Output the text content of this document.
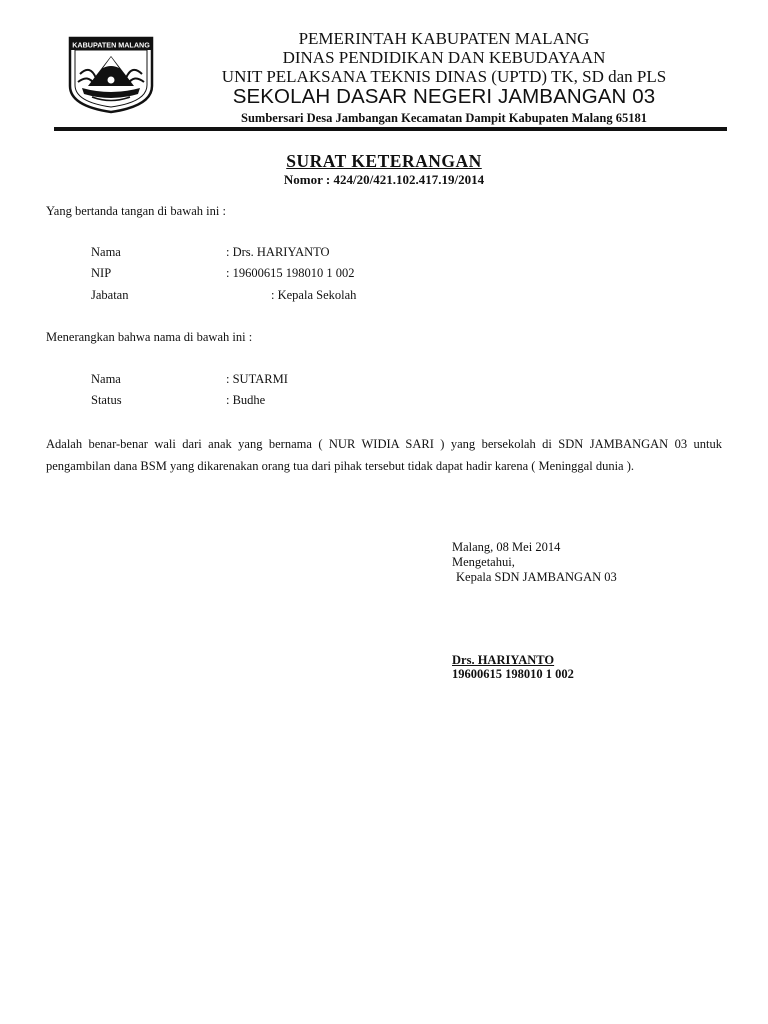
KABUPATEN MALANG	PEMERINTAH KABUPATEN MALANG
DINAS PENDIDIKAN DAN KEBUDAYAAN
UNIT PELAKSANA TEKNIS DINAS (UPTD) TK, SD dan PLS
SEKOLAH DASAR NEGERI JAMBANGAN 03
Sumbersari Desa Jambangan Kecamatan Dampit Kabupaten Malang 65181
SURAT KETERANGAN
Nomor : 424/20/421.102.417.19/2014
Yang bertanda tangan di bawah ini :
Nama	: Drs. HARIYANTO
NIP	: 19600615 198010 1 002
Jabatan	: Kepala Sekolah
Menerangkan bahwa nama di bawah ini :
Nama	: SUTARMI
Status	: Budhe
Adalah benar-benar wali dari anak yang bernama ( NUR WIDIA SARI ) yang bersekolah di SDN JAMBANGAN 03 untuk pengambilan dana BSM yang dikarenakan orang tua dari pihak tersebut tidak dapat hadir karena ( Meninggal dunia ).
Malang, 08 Mei 2014
Mengetahui,
Kepala SDN JAMBANGAN 03
Drs. HARIYANTO
19600615 198010 1 002
